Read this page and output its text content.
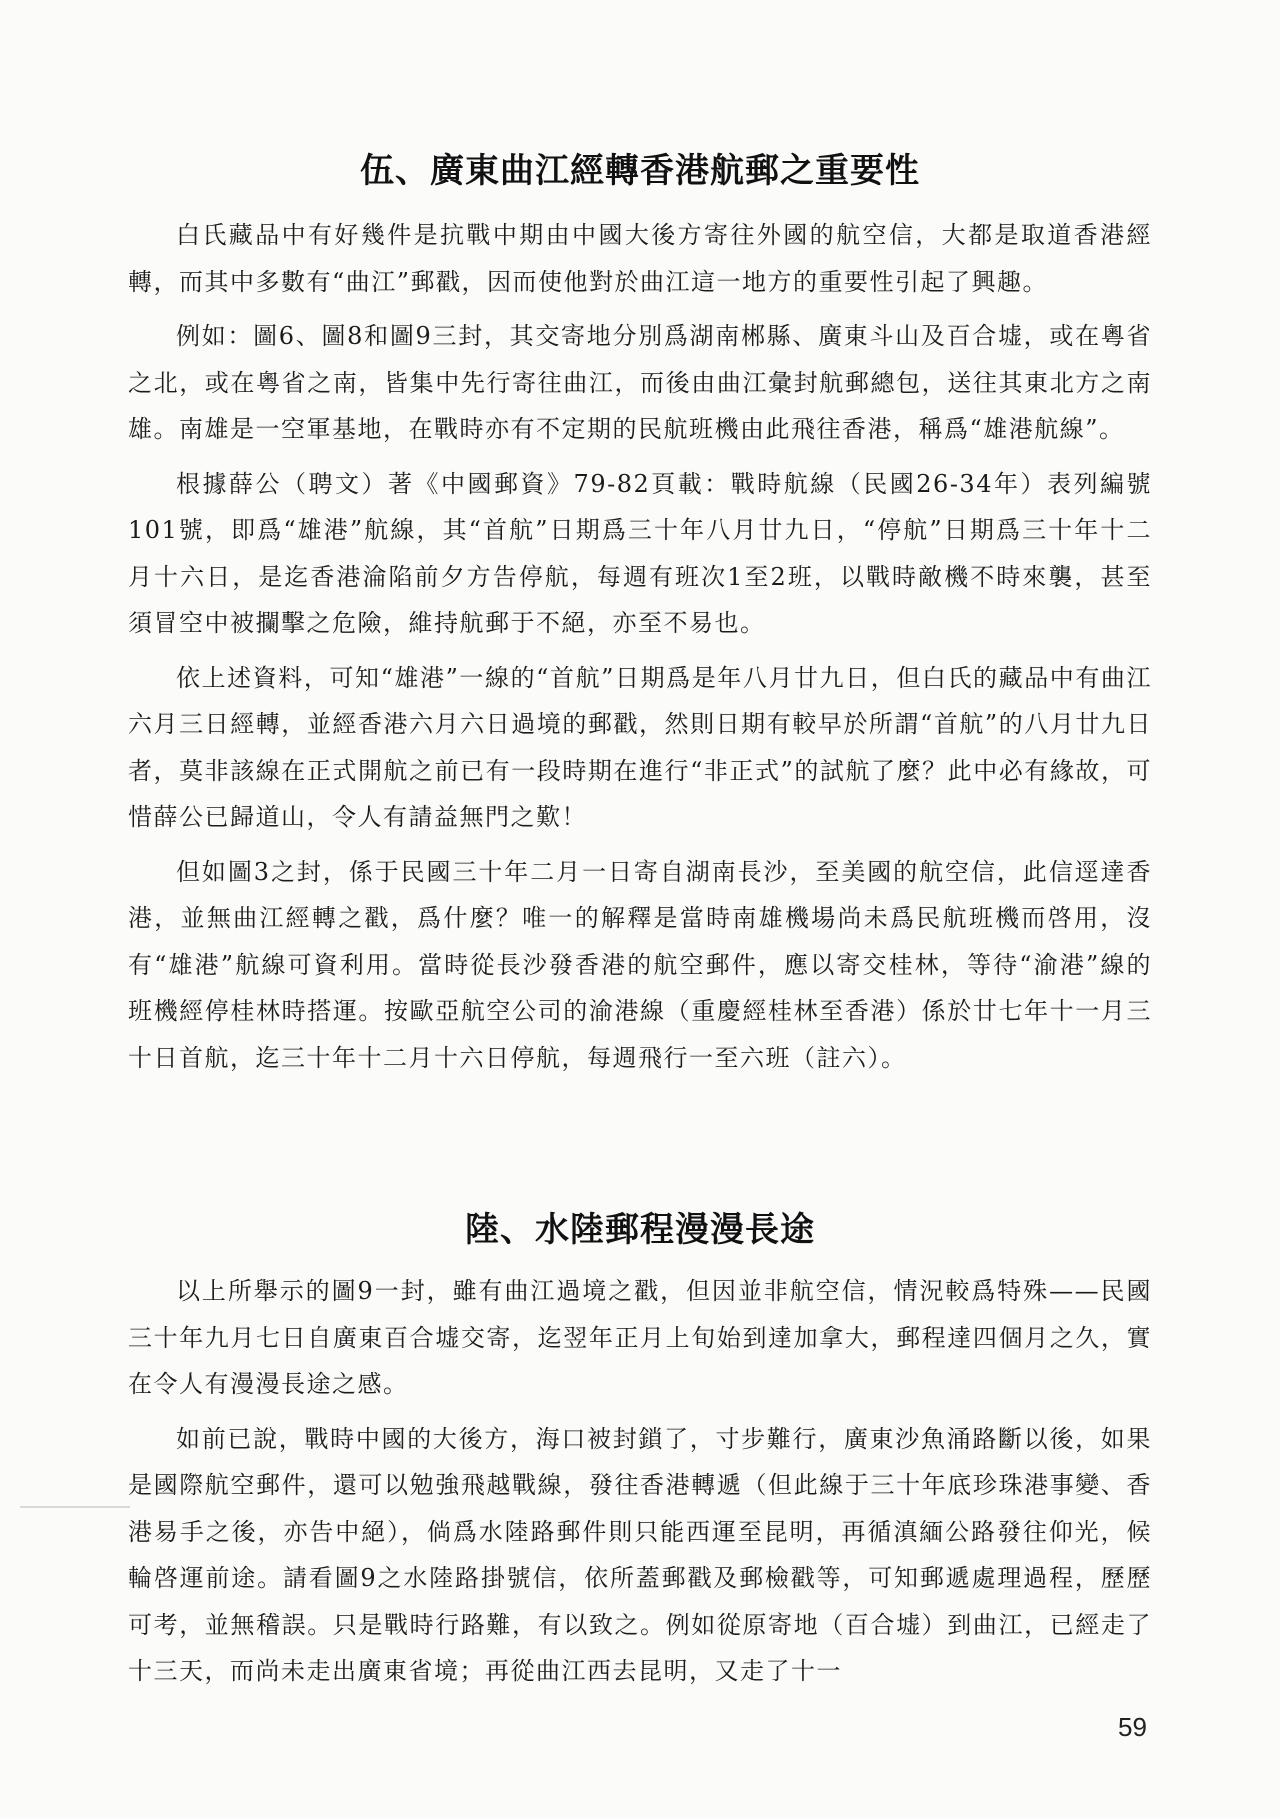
伍、廣東曲江經轉香港航郵之重要性

白氏藏品中有好幾件是抗戰中期由中國大後方寄往外國的航空信，大都是取道香港經轉，而其中多數有“曲江”郵戳，因而使他對於曲江這一地方的重要性引起了興趣。

例如：圖6、圖8和圖9三封，其交寄地分別爲湖南郴縣、廣東斗山及百合墟，或在粵省之北，或在粵省之南，皆集中先行寄往曲江，而後由曲江彙封航郵總包，送往其東北方之南雄。南雄是一空軍基地，在戰時亦有不定期的民航班機由此飛往香港，稱爲“雄港航線”。

根據薛公（聘文）著《中國郵資》79-82頁載：戰時航線（民國26-34年）表列編號101號，即爲“雄港”航線，其“首航”日期爲三十年八月廿九日，“停航”日期爲三十年十二月十六日，是迄香港淪陷前夕方告停航，每週有班次1至2班，以戰時敵機不時來襲，甚至須冒空中被攔擊之危險，維持航郵于不絕，亦至不易也。

依上述資料，可知“雄港”一線的“首航”日期爲是年八月廿九日，但白氏的藏品中有曲江六月三日經轉，並經香港六月六日過境的郵戳，然則日期有較早於所謂“首航”的八月廿九日者，莫非該線在正式開航之前已有一段時期在進行“非正式”的試航了麼？此中必有緣故，可惜薛公已歸道山，令人有請益無門之歎！

但如圖3之封，係于民國三十年二月一日寄自湖南長沙，至美國的航空信，此信逕達香港，並無曲江經轉之戳，爲什麼？唯一的解釋是當時南雄機場尚未爲民航班機而啓用，沒有“雄港”航線可資利用。當時從長沙發香港的航空郵件，應以寄交桂林，等待“渝港”線的班機經停桂林時搭運。按歐亞航空公司的渝港線（重慶經桂林至香港）係於廿七年十一月三十日首航，迄三十年十二月十六日停航，每週飛行一至六班（註六）。

陸、水陸郵程漫漫長途

以上所舉示的圖9一封，雖有曲江過境之戳，但因並非航空信，情況較爲特殊——民國三十年九月七日自廣東百合墟交寄，迄翌年正月上旬始到達加拿大，郵程達四個月之久，實在令人有漫漫長途之感。

如前已說，戰時中國的大後方，海口被封鎖了，寸步難行，廣東沙魚涌路斷以後，如果是國際航空郵件，還可以勉強飛越戰線，發往香港轉遞（但此線于三十年底珍珠港事變、香港易手之後，亦告中絕），倘爲水陸路郵件則只能西運至昆明，再循滇緬公路發往仰光，候輪啓運前途。請看圖9之水陸路掛號信，依所蓋郵戳及郵檢戳等，可知郵遞處理過程，歷歷可考，並無稽誤。只是戰時行路難，有以致之。例如從原寄地（百合墟）到曲江，已經走了十三天，而尚未走出廣東省境；再從曲江西去昆明，又走了十一

59
